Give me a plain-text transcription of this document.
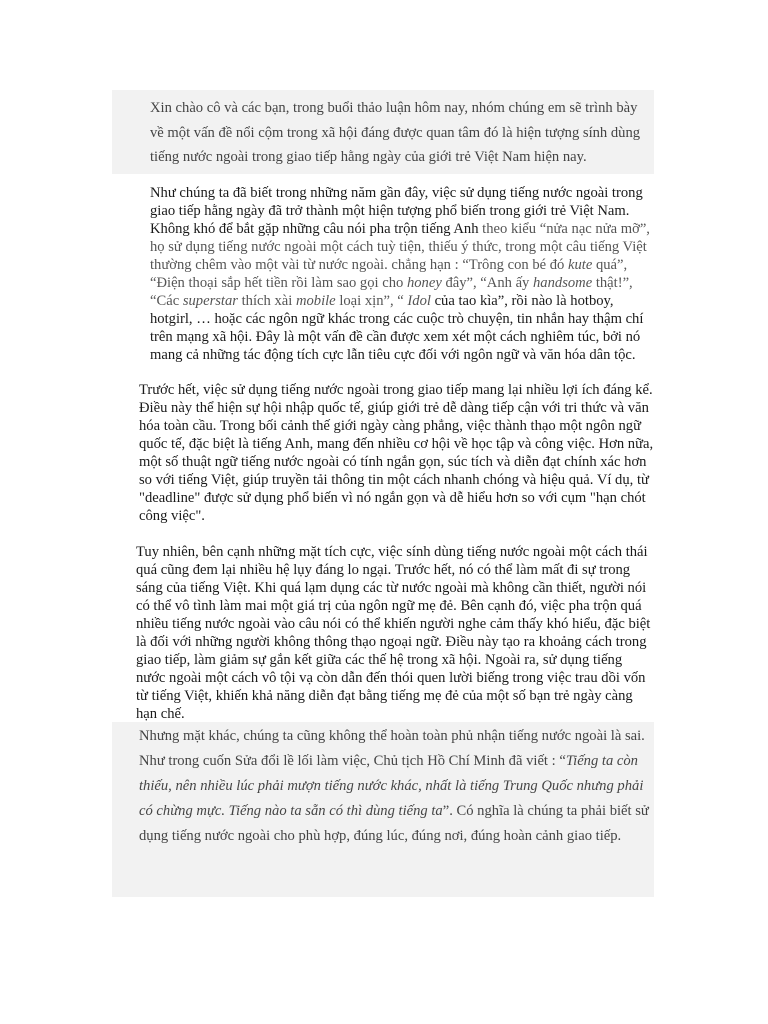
Xin chào cô và các bạn, trong buổi thảo luận hôm nay, nhóm chúng em sẽ trình bày về một vấn đề nổi cộm trong xã hội đáng được quan tâm đó là hiện tượng sính dùng tiếng nước ngoài trong giao tiếp hằng ngày của giới trẻ Việt Nam hiện nay.
Như chúng ta đã biết trong những năm gần đây, việc sử dụng tiếng nước ngoài trong giao tiếp hằng ngày đã trở thành một hiện tượng phổ biến trong giới trẻ Việt Nam. Không khó để bắt gặp những câu nói pha trộn tiếng Anh theo kiểu “nửa nạc nửa mỡ”, họ sử dụng tiếng nước ngoài một cách tuỳ tiện, thiếu ý thức, trong một câu tiếng Việt thường chêm vào một vài từ nước ngoài. chẳng hạn : “Trông con bé đó kute quá”, “Điện thoại sắp hết tiền rồi làm sao gọi cho honey đây”, “Anh ấy handsome thật!”, “Các superstar thích xài mobile loại xịn”, “ Idol của tao kìa”, rồi nào là hotboy, hotgirl, … hoặc các ngôn ngữ khác trong các cuộc trò chuyện, tin nhắn hay thậm chí trên mạng xã hội. Đây là một vấn đề cần được xem xét một cách nghiêm túc, bởi nó mang cả những tác động tích cực lẫn tiêu cực đối với ngôn ngữ và văn hóa dân tộc.
Trước hết, việc sử dụng tiếng nước ngoài trong giao tiếp mang lại nhiều lợi ích đáng kể. Điều này thể hiện sự hội nhập quốc tế, giúp giới trẻ dễ dàng tiếp cận với tri thức và văn hóa toàn cầu. Trong bối cảnh thế giới ngày càng phẳng, việc thành thạo một ngôn ngữ quốc tế, đặc biệt là tiếng Anh, mang đến nhiều cơ hội về học tập và công việc. Hơn nữa, một số thuật ngữ tiếng nước ngoài có tính ngắn gọn, súc tích và diễn đạt chính xác hơn so với tiếng Việt, giúp truyền tải thông tin một cách nhanh chóng và hiệu quả. Ví dụ, từ "deadline" được sử dụng phổ biến vì nó ngắn gọn và dễ hiểu hơn so với cụm "hạn chót công việc".
Tuy nhiên, bên cạnh những mặt tích cực, việc sính dùng tiếng nước ngoài một cách thái quá cũng đem lại nhiều hệ lụy đáng lo ngại. Trước hết, nó có thể làm mất đi sự trong sáng của tiếng Việt. Khi quá lạm dụng các từ nước ngoài mà không cần thiết, người nói có thể vô tình làm mai một giá trị của ngôn ngữ mẹ đẻ. Bên cạnh đó, việc pha trộn quá nhiều tiếng nước ngoài vào câu nói có thể khiến người nghe cảm thấy khó hiểu, đặc biệt là đối với những người không thông thạo ngoại ngữ. Điều này tạo ra khoảng cách trong giao tiếp, làm giảm sự gắn kết giữa các thế hệ trong xã hội. Ngoài ra, sử dụng tiếng nước ngoài một cách vô tội vạ còn dẫn đến thói quen lười biếng trong việc trau dồi vốn từ tiếng Việt, khiến khả năng diễn đạt bằng tiếng mẹ đẻ của một số bạn trẻ ngày càng hạn chế.
Nhưng mặt khác, chúng ta cũng không thể hoàn toàn phủ nhận tiếng nước ngoài là sai. Như trong cuốn Sửa đổi lề lối làm việc, Chủ tịch Hồ Chí Minh đã viết : “Tiếng ta còn thiếu, nên nhiều lúc phải mượn tiếng nước khác, nhất là tiếng Trung Quốc nhưng phải có chừng mực. Tiếng nào ta sẵn có thì dùng tiếng ta”. Có nghĩa là chúng ta phải biết sử dụng tiếng nước ngoài cho phù hợp, đúng lúc, đúng nơi, đúng hoàn cảnh giao tiếp.
